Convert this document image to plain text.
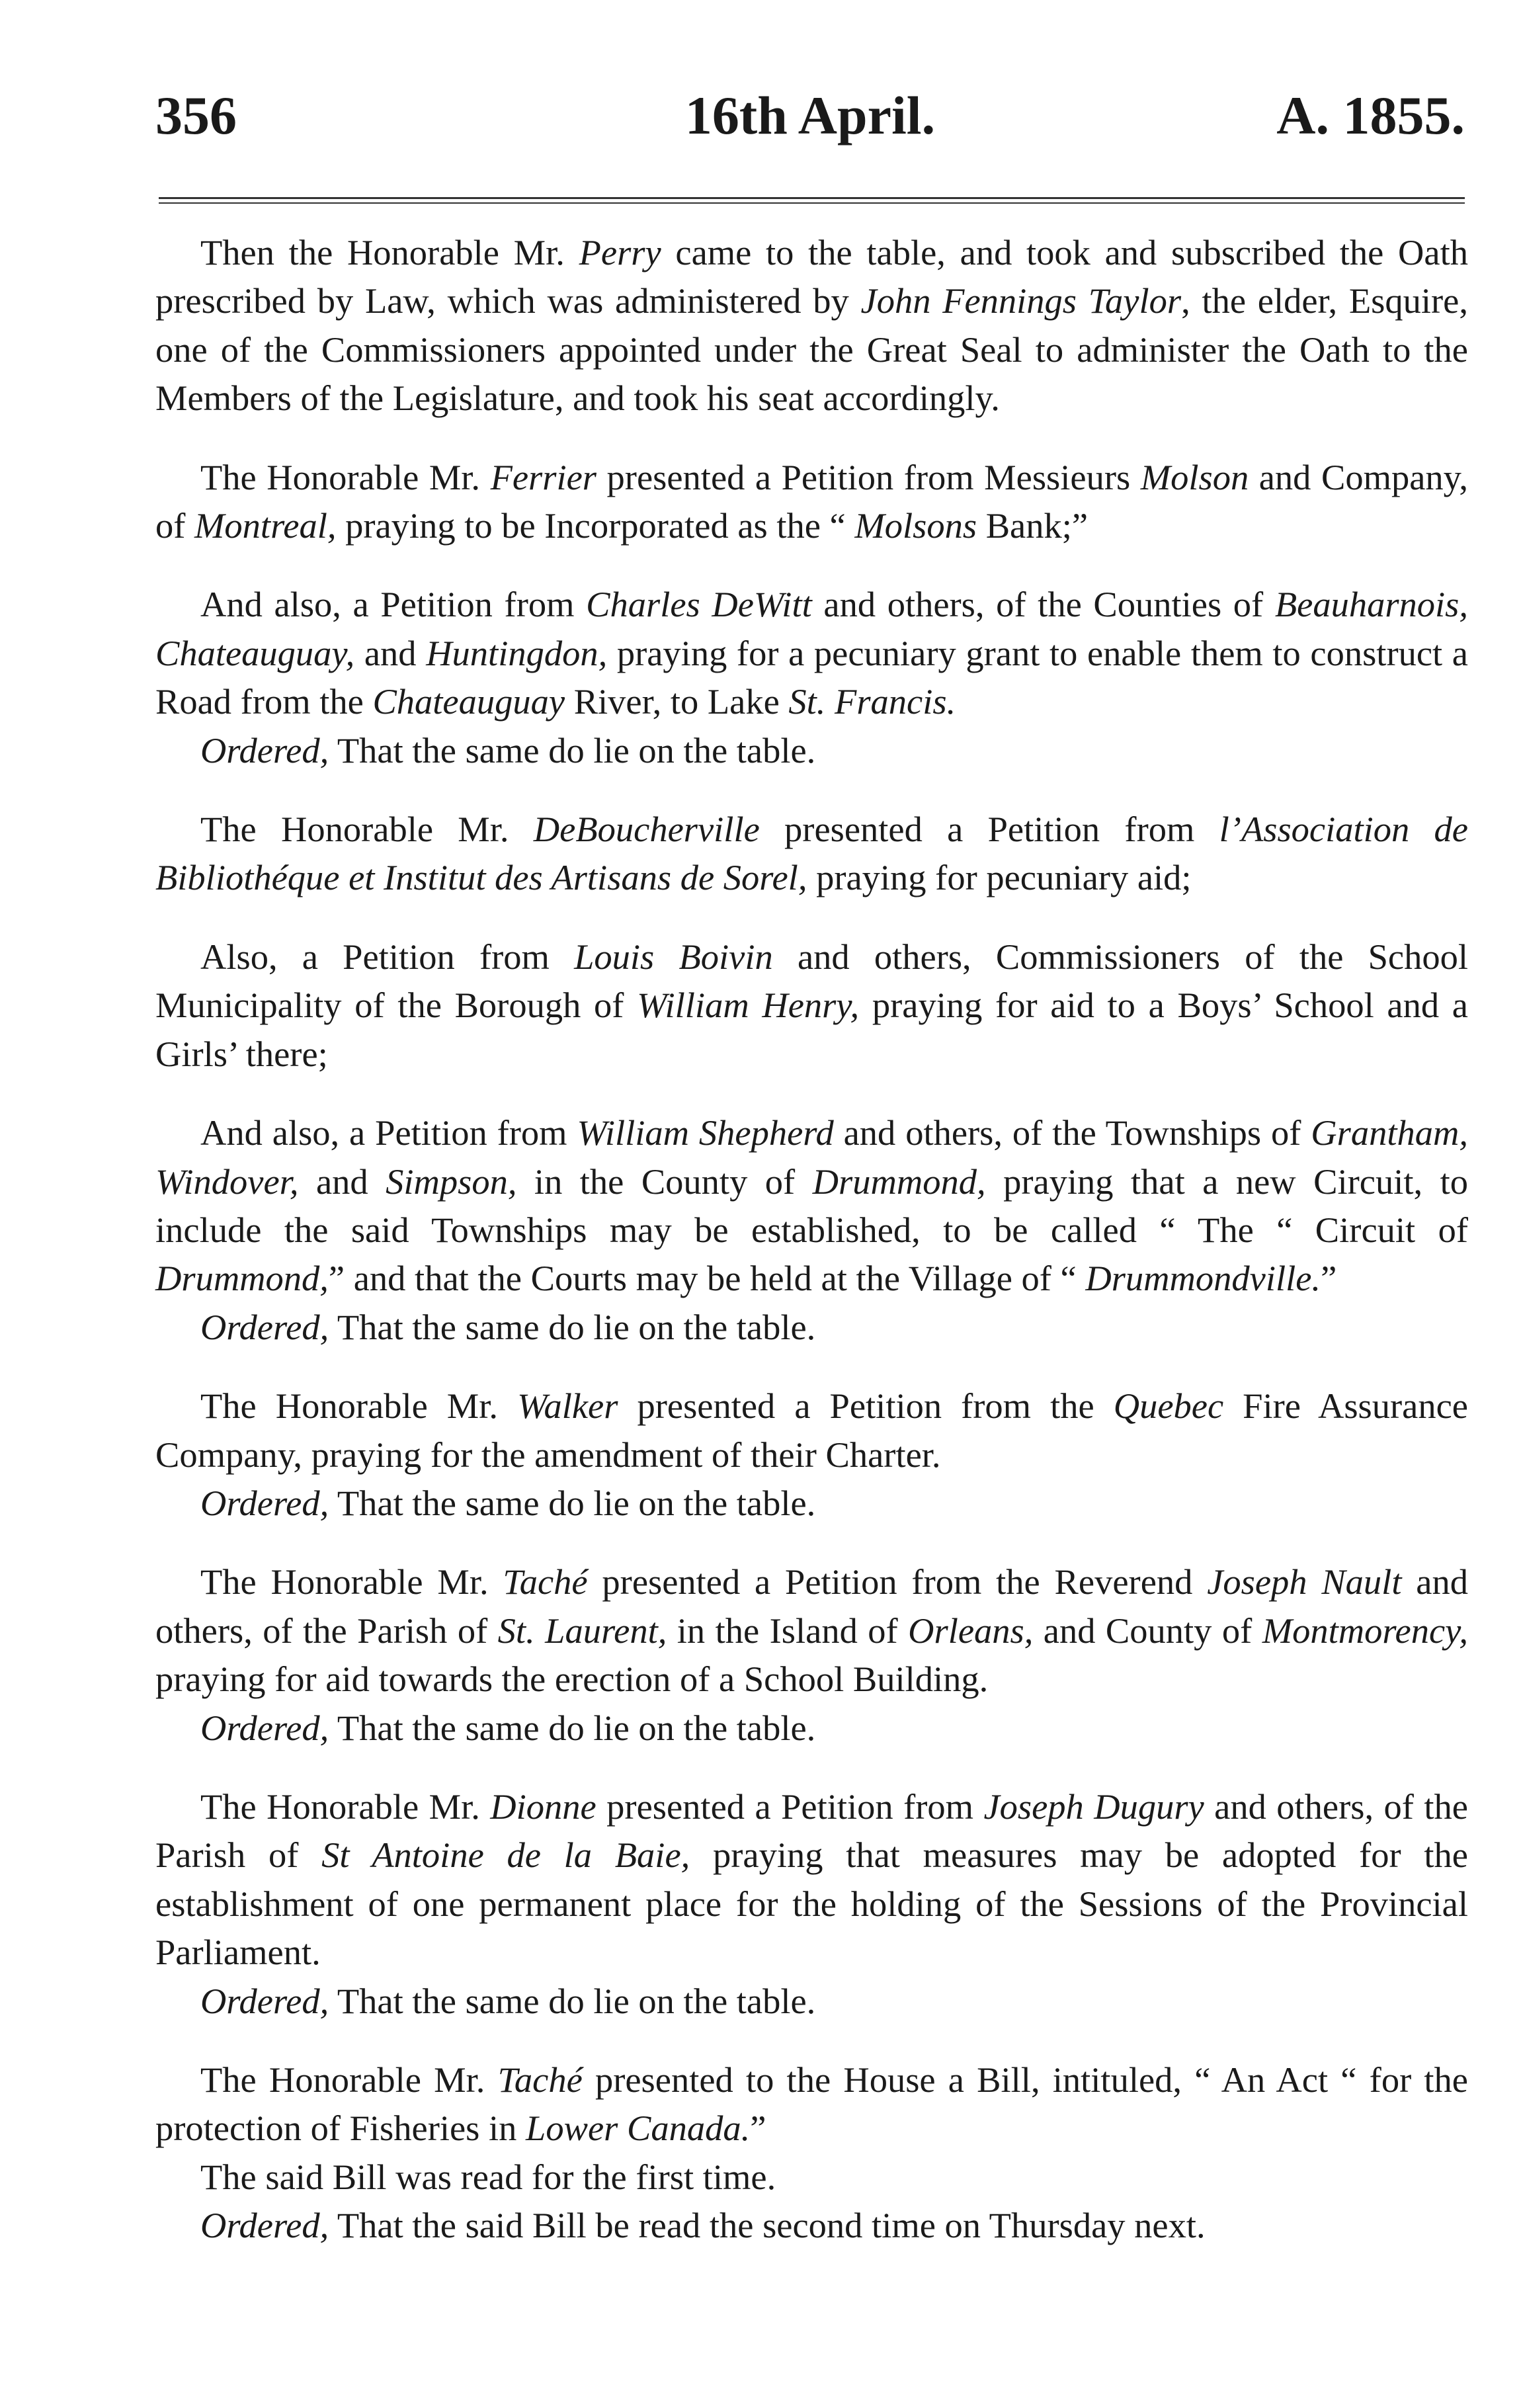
356	16th April.	A. 1855.

Then the Honorable Mr. Perry came to the table, and took and subscribed the Oath prescribed by Law, which was administered by John Fennings Taylor, the elder, Esquire, one of the Commissioners appointed under the Great Seal to administer the Oath to the Members of the Legislature, and took his seat accordingly.

The Honorable Mr. Ferrier presented a Petition from Messieurs Molson and Company, of Montreal, praying to be Incorporated as the “ Molsons Bank;”

And also, a Petition from Charles DeWitt and others, of the Counties of Beauharnois, Chateauguay, and Huntingdon, praying for a pecuniary grant to enable them to construct a Road from the Chateauguay River, to Lake St. Francis.

Ordered, That the same do lie on the table.

The Honorable Mr. DeBoucherville presented a Petition from l’Association de Bibliothéque et Institut des Artisans de Sorel, praying for pecuniary aid;

Also, a Petition from Louis Boivin and others, Commissioners of the School Municipality of the Borough of William Henry, praying for aid to a Boys’ School and a Girls’ there;

And also, a Petition from William Shepherd and others, of the Townships of Grantham, Windover, and Simpson, in the County of Drummond, praying that a new Circuit, to include the said Townships may be established, to be called “ The “ Circuit of Drummond,” and that the Courts may be held at the Village of “ Drummondville.”

Ordered, That the same do lie on the table.

The Honorable Mr. Walker presented a Petition from the Quebec Fire Assurance Company, praying for the amendment of their Charter.

Ordered, That the same do lie on the table.

The Honorable Mr. Taché presented a Petition from the Reverend Joseph Nault and others, of the Parish of St. Laurent, in the Island of Orleans, and County of Montmorency, praying for aid towards the erection of a School Building.

Ordered, That the same do lie on the table.

The Honorable Mr. Dionne presented a Petition from Joseph Dugury and others, of the Parish of St Antoine de la Baie, praying that measures may be adopted for the establishment of one permanent place for the holding of the Sessions of the Provincial Parliament.

Ordered, That the same do lie on the table.

The Honorable Mr. Taché presented to the House a Bill, intituled, “ An Act “ for the protection of Fisheries in Lower Canada.”

The said Bill was read for the first time.

Ordered, That the said Bill be read the second time on Thursday next.
